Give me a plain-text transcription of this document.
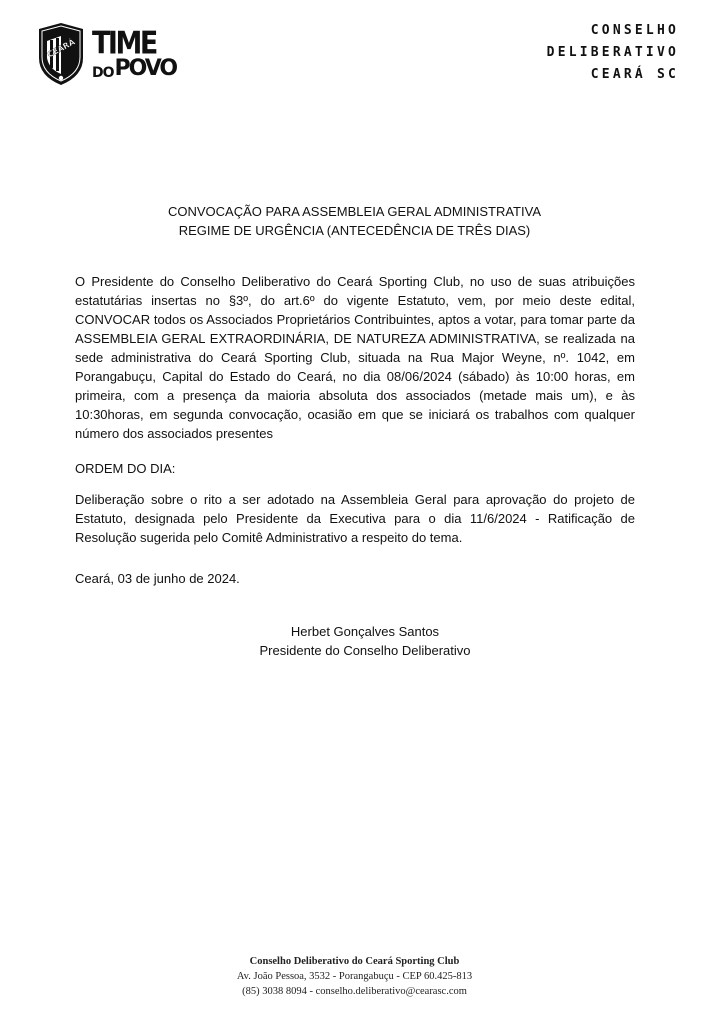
CEARÁ TIME
DO POVO
CONSELHO
DELIBERATIVO
CEARÁ SC
CONVOCAÇÃO PARA ASSEMBLEIA GERAL ADMINISTRATIVA
REGIME DE URGÊNCIA (ANTECEDÊNCIA DE TRÊS DIAS)
O Presidente do Conselho Deliberativo do Ceará Sporting Club, no uso de suas atribuições estatutárias insertas no §3º, do art.6º do vigente Estatuto, vem, por meio deste edital, CONVOCAR todos os Associados Proprietários Contribuintes, aptos a votar, para tomar parte da ASSEMBLEIA GERAL EXTRAORDINÁRIA, DE NATUREZA ADMINISTRATIVA, se realizada na sede administrativa do Ceará Sporting Club, situada na Rua Major Weyne, nº. 1042, em Porangabuçu, Capital do Estado do Ceará, no dia 08/06/2024 (sábado) às 10:00 horas, em primeira, com a presença da maioria absoluta dos associados (metade mais um), e às 10:30horas, em segunda convocação, ocasião em que se iniciará os trabalhos com qualquer número dos associados presentes
ORDEM DO DIA:
Deliberação sobre o rito a ser adotado na Assembleia Geral para aprovação do projeto de Estatuto, designada pelo Presidente da Executiva para o dia 11/6/2024 - Ratificação de Resolução sugerida pelo Comitê Administrativo a respeito do tema.
Ceará, 03 de junho de 2024.
Herbet Gonçalves Santos
Presidente do Conselho Deliberativo
Conselho Deliberativo do Ceará Sporting Club
Av. João Pessoa, 3532 - Porangabuçu - CEP 60.425-813
(85) 3038 8094 - conselho.deliberativo@cearasc.com
